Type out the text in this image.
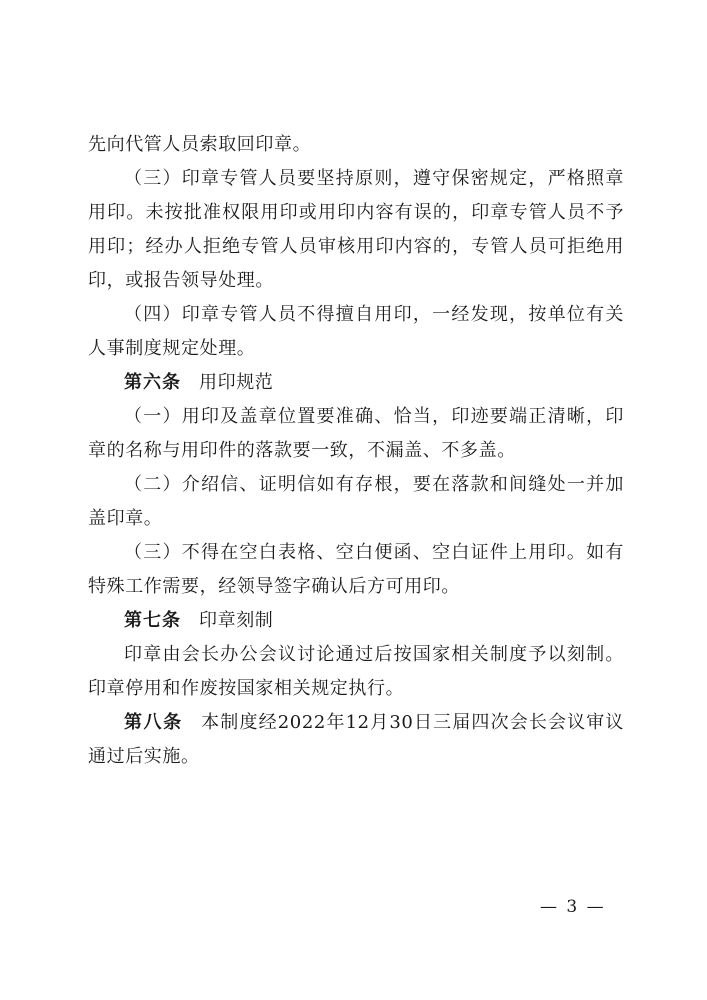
先向代管人员索取回印章。

（三）印章专管人员要坚持原则，遵守保密规定，严格照章用印。未按批准权限用印或用印内容有误的，印章专管人员不予用印；经办人拒绝专管人员审核用印内容的，专管人员可拒绝用印，或报告领导处理。

（四）印章专管人员不得擅自用印，一经发现，按单位有关人事制度规定处理。

第六条 用印规范

（一）用印及盖章位置要准确、恰当，印迹要端正清晰，印章的名称与用印件的落款要一致，不漏盖、不多盖。

（二）介绍信、证明信如有存根，要在落款和间缝处一并加盖印章。

（三）不得在空白表格、空白便函、空白证件上用印。如有特殊工作需要，经领导签字确认后方可用印。

第七条 印章刻制

印章由会长办公会议讨论通过后按国家相关制度予以刻制。印章停用和作废按国家相关规定执行。

第八条 本制度经2022年12月30日三届四次会长会议审议通过后实施。

— 3 —
